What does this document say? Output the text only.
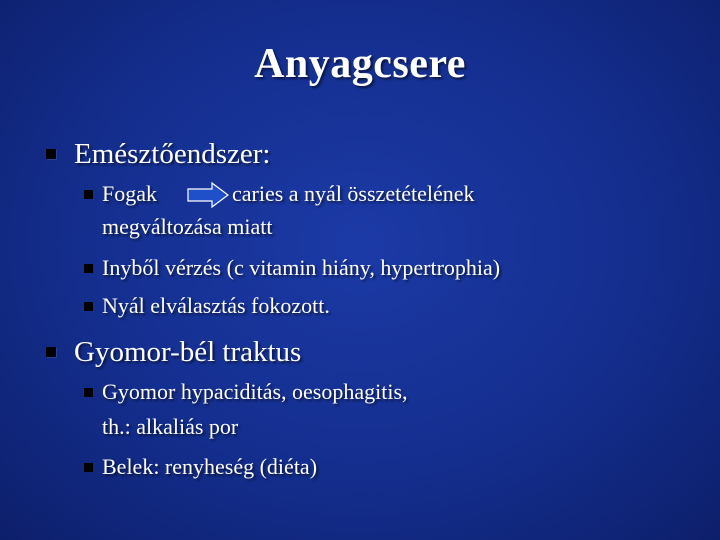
Anyagcsere
Emésztőendszer:
Fogak	caries a nyál összetételének
megváltozása miatt
Inyből vérzés (c vitamin hiány, hypertrophia)
Nyál elválasztás fokozott.
Gyomor-bél traktus
Gyomor hypaciditás, oesophagitis,
th.: alkaliás por
Belek: renyheség (diéta)
